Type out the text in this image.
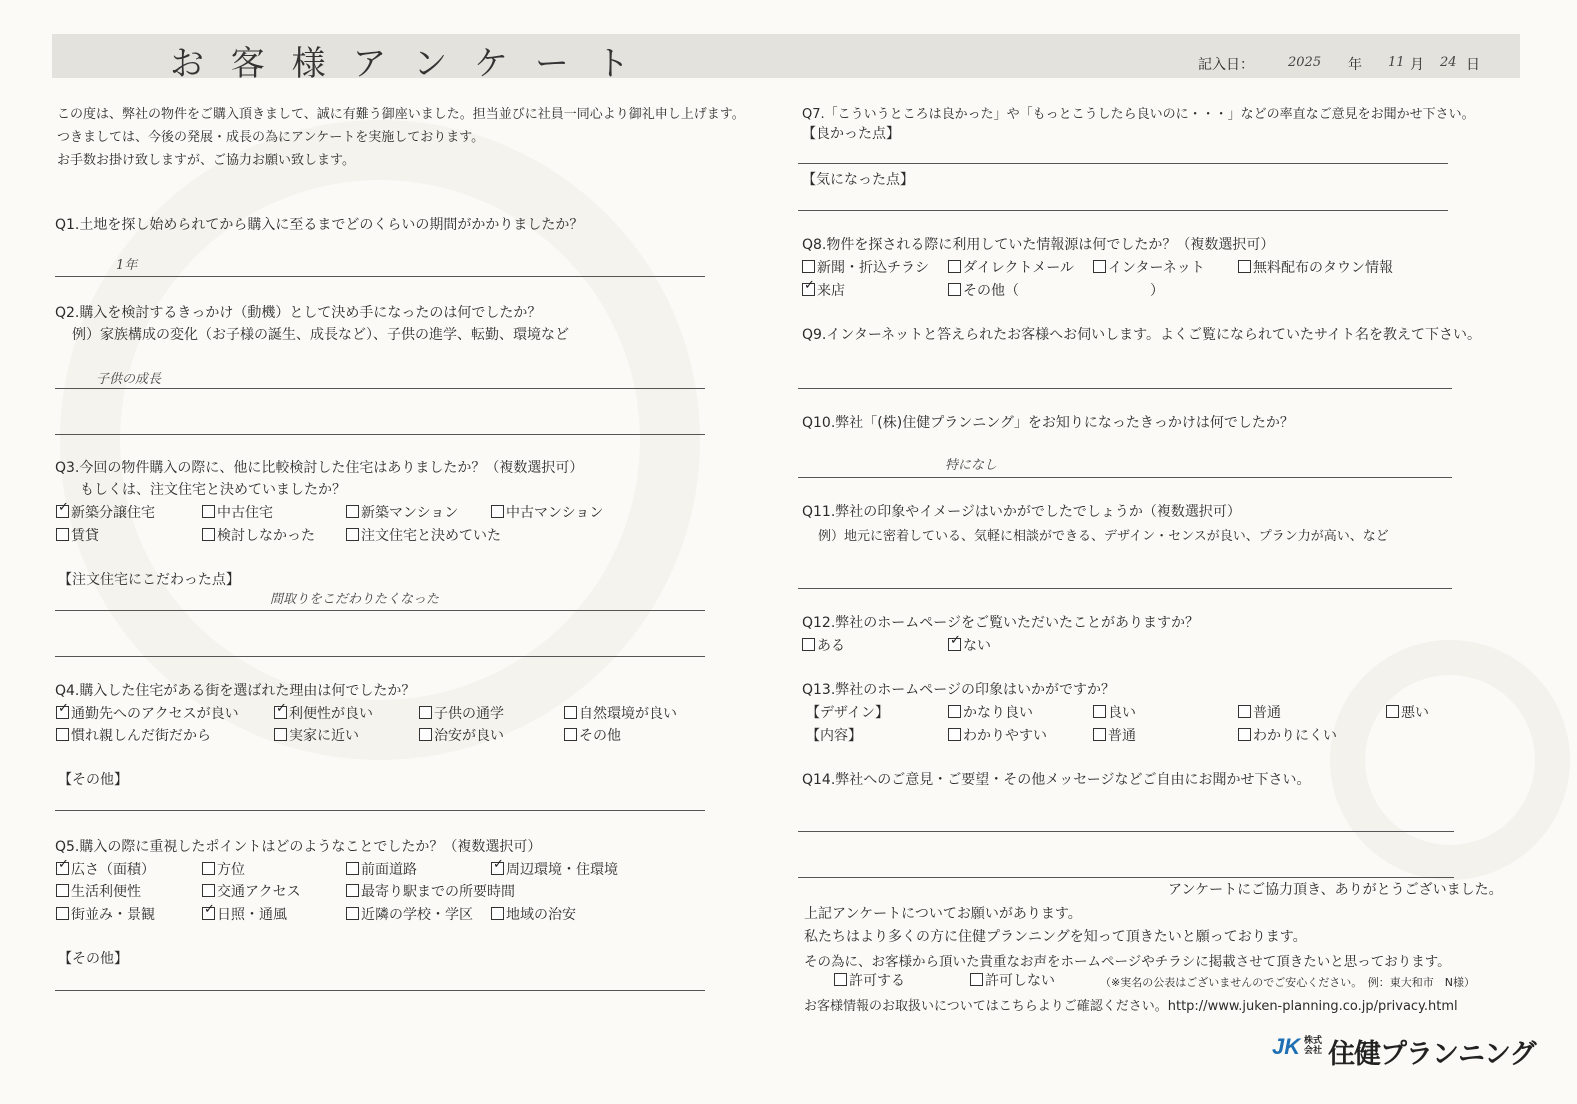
お 客 様 ア ン ケ ー ト	記入日：	2025 年 11 月 24 日
この度は、弊社の物件をご購入頂きまして、誠に有難う御座いました。担当並びに社員一同心より御礼申し上げます。
つきましては、今後の発展・成長の為にアンケートを実施しております。
お手数お掛け致しますが、ご協力お願い致します。
Q1.土地を探し始められてから購入に至るまでどのくらいの期間がかかりましたか？
1年
Q2.購入を検討するきっかけ（動機）として決め手になったのは何でしたか？
例）家族構成の変化（お子様の誕生、成長など）、子供の進学、転勤、環境など
子供の成長
Q3.今回の物件購入の際に、他に比較検討した住宅はありましたか？（複数選択可）
もしくは、注文住宅と決めていましたか？
✓新築分譲住宅	中古住宅	新築マンション	中古マンション
賃貸	検討しなかった	注文住宅と決めていた
【注文住宅にこだわった点】
間取りをこだわりたくなった
Q4.購入した住宅がある街を選ばれた理由は何でしたか？
✓通勤先へのアクセスが良い ✓	利便性が良い	子供の通学	自然環境が良い
慣れ親しんだ街だから	実家に近い	治安が良い	その他
【その他】
Q5.購入の際に重視したポイントはどのようなことでしたか？（複数選択可）
✓広さ（面積）	方位	前面道路 ✓	周辺環境・住環境
生活利便性	交通アクセス	最寄り駅までの所要時間
街並み・景観 ✓	日照・通風	近隣の学校・学区	地域の治安
【その他】
Q7.「こういうところは良かった」や「もっとこうしたら良いのに・・・」などの率直なご意見をお聞かせ下さい。
【良かった点】
【気になった点】
Q8.物件を探される際に利用していた情報源は何でしたか？（複数選択可）
新聞・折込チラシ	ダイレクトメール	インターネット	無料配布のタウン情報
✓来店	その他（	）
Q9.インターネットと答えられたお客様へお伺いします。よくご覧になられていたサイト名を教えて下さい。
Q10.弊社「(株)住健プランニング」をお知りになったきっかけは何でしたか？
特になし
Q11.弊社の印象やイメージはいかがでしたでしょうか（複数選択可）
例）地元に密着している、気軽に相談ができる、デザイン・センスが良い、プラン力が高い、など
Q12.弊社のホームページをご覧いただいたことがありますか？
ある ✓	ない
Q13.弊社のホームページの印象はいかがですか？
【デザイン】	かなり良い	良い	普通	悪い
【内容】	わかりやすい	普通	わかりにくい
Q14.弊社へのご意見・ご要望・その他メッセージなどご自由にお聞かせ下さい。
アンケートにご協力頂き、ありがとうございました。
上記アンケートについてお願いがあります。
私たちはより多くの方に住健プランニングを知って頂きたいと願っております。
その為に、お客様から頂いた貴重なお声をホームページやチラシに掲載させて頂きたいと思っております。
許可する	許可しない	（※実名の公表はございませんのでご安心ください。　例：東大和市　N様）
お客様情報のお取扱いについてはこちらよりご確認ください。http://www.juken-planning.co.jp/privacy.html
JK 株式会社 住健プランニング
